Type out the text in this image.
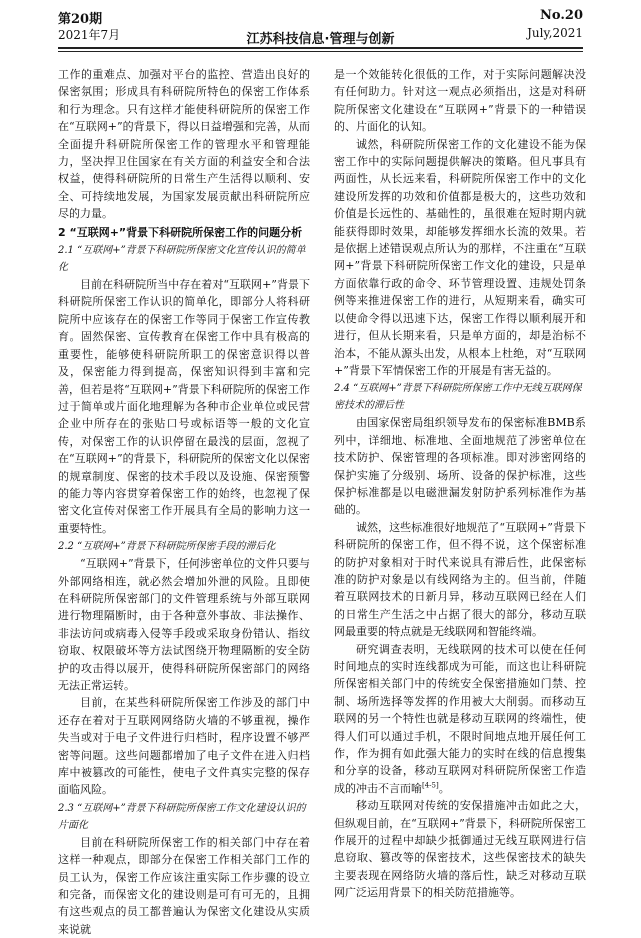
第20期
2021年7月	江苏科技信息·管理与创新
No.20
July,2021

工作的重难点、加强对平台的监控、营造出良好的保密氛围；形成具有科研院所特色的保密工作体系和行为理念。只有这样才能使科研院所的保密工作在“互联网+”的背景下，得以日益增强和完善，从而全面提升科研院所保密工作的管理水平和管理能力，坚决捍卫住国家在有关方面的利益安全和合法权益，使得科研院所的日常生产生活得以顺利、安全、可持续地发展，为国家发展贡献出科研院所应尽的力量。

2 “互联网+”背景下科研院所保密工作的问题分析
2.1 “互联网+”背景下科研院所保密文化宣传认识的简单化

目前在科研院所当中存在着对“互联网+”背景下科研院所保密工作认识的简单化，即部分人将科研院所中应该存在的保密工作等同于保密工作宣传教育。固然保密、宣传教育在保密工作中具有极高的重要性，能够使科研院所职工的保密意识得以普及，保密能力得到提高，保密知识得到丰富和完善，但若是将“互联网+”背景下科研院所的保密工作过于简单或片面化地理解为各种市企业单位或民营企业中所存在的张贴口号或标语等一般的文化宣传，对保密工作的认识停留在最浅的层面，忽视了在“互联网+”的背景下，科研院所的保密文化以保密的规章制度、保密的技术手段以及设施、保密预警的能力等内容贯穿着保密工作的始终，也忽视了保密文化宣传对保密工作开展具有全局的影响力这一重要特性。

2.2 “互联网+”背景下科研院所保密手段的滞后化

“互联网+”背景下，任何涉密单位的文件只要与外部网络相连，就必然会增加外泄的风险。且即使在科研院所保密部门的文件管理系统与外部互联网进行物理隔断时，由于各种意外事故、非法操作、非法访问或病毒入侵等手段或采取身份错认、指纹窃取、权限破坏等方法试图绕开物理隔断的安全防护的攻击得以展开，使得科研院所保密部门的网络无法正常运转。

目前，在某些科研院所保密工作涉及的部门中还存在着对于互联网网络防火墙的不够重视，操作失当或对于电子文件进行归档时，程序设置不够严密等问题。这些问题都增加了电子文件在进入归档库中被篡改的可能性，使电子文件真实完整的保存面临风险。

2.3 “互联网+”背景下科研院所保密工作文化建设认识的片面化

目前在科研院所保密工作的相关部门中存在着这样一种观点，即部分在保密工作相关部门工作的员工认为，保密工作应该注重实际工作步骤的设立和完备，而保密文化的建设则是可有可无的，且拥有这些观点的员工都普遍认为保密文化建设从实质来说就

是一个效能转化很低的工作，对于实际问题解决没有任何助力。针对这一观点必须指出，这是对科研院所保密文化建设在“互联网+”背景下的一种错误的、片面化的认知。

诚然，科研院所保密工作的文化建设不能为保密工作中的实际问题提供解决的策略。但凡事具有两面性，从长远来看，科研院所保密工作中的文化建设所发挥的功效和价值都是极大的，这些功效和价值是长远性的、基础性的，虽很难在短时期内就能获得即时效果，却能够发挥细水长流的效果。若是依据上述错误观点所认为的那样，不注重在“互联网+”背景下科研院所保密工作文化的建设，只是单方面依靠行政的命令、环节管理设置、违规处罚条例等来推进保密工作的进行，从短期来看，确实可以使命令得以迅速下达，保密工作得以顺利展开和进行，但从长期来看，只是单方面的，却是治标不治本，不能从源头出发，从根本上杜绝，对“互联网+”背景下军情保密工作的开展是有害无益的。

2.4 “互联网+”背景下科研院所保密工作中无线互联网保密技术的滞后性

由国家保密局组织领导发布的保密标准BMB系列中，详细地、标准地、全面地规范了涉密单位在技术防护、保密管理的各项标准。即对涉密网络的保护实施了分级别、场所、设备的保护标准，这些保护标准都是以电磁泄漏发射防护系列标准作为基础的。

诚然，这些标准很好地规范了“互联网+”背景下科研院所的保密工作，但不得不说，这个保密标准的防护对象相对于时代来说具有滞后性，此保密标准的防护对象是以有线网络为主的。但当前，伴随着互联网技术的日新月异，移动互联网已经在人们的日常生产生活之中占据了很大的部分，移动互联网最重要的特点就是无线联网和智能终端。

研究调查表明，无线联网的技术可以使在任何时间地点的实时连线都成为可能，而这也让科研院所保密相关部门中的传统安全保密措施如门禁、控制、场所选择等发挥的作用被大大削弱。而移动互联网的另一个特性也就是移动互联网的终端性，使得人们可以通过手机，不限时间地点地开展任何工作，作为拥有如此强大能力的实时在线的信息搜集和分享的设备，移动互联网对科研院所保密工作造成的冲击不言而喻[4-5]。

移动互联网对传统的安保措施冲击如此之大，但纵观目前，在“互联网+”背景下，科研院所保密工作展开的过程中却缺少抵御通过无线互联网进行信息窃取、篡改等的保密技术，这些保密技术的缺失主要表现在网络防火墙的落后性，缺乏对移动互联网广泛运用背景下的相关防范措施等。
